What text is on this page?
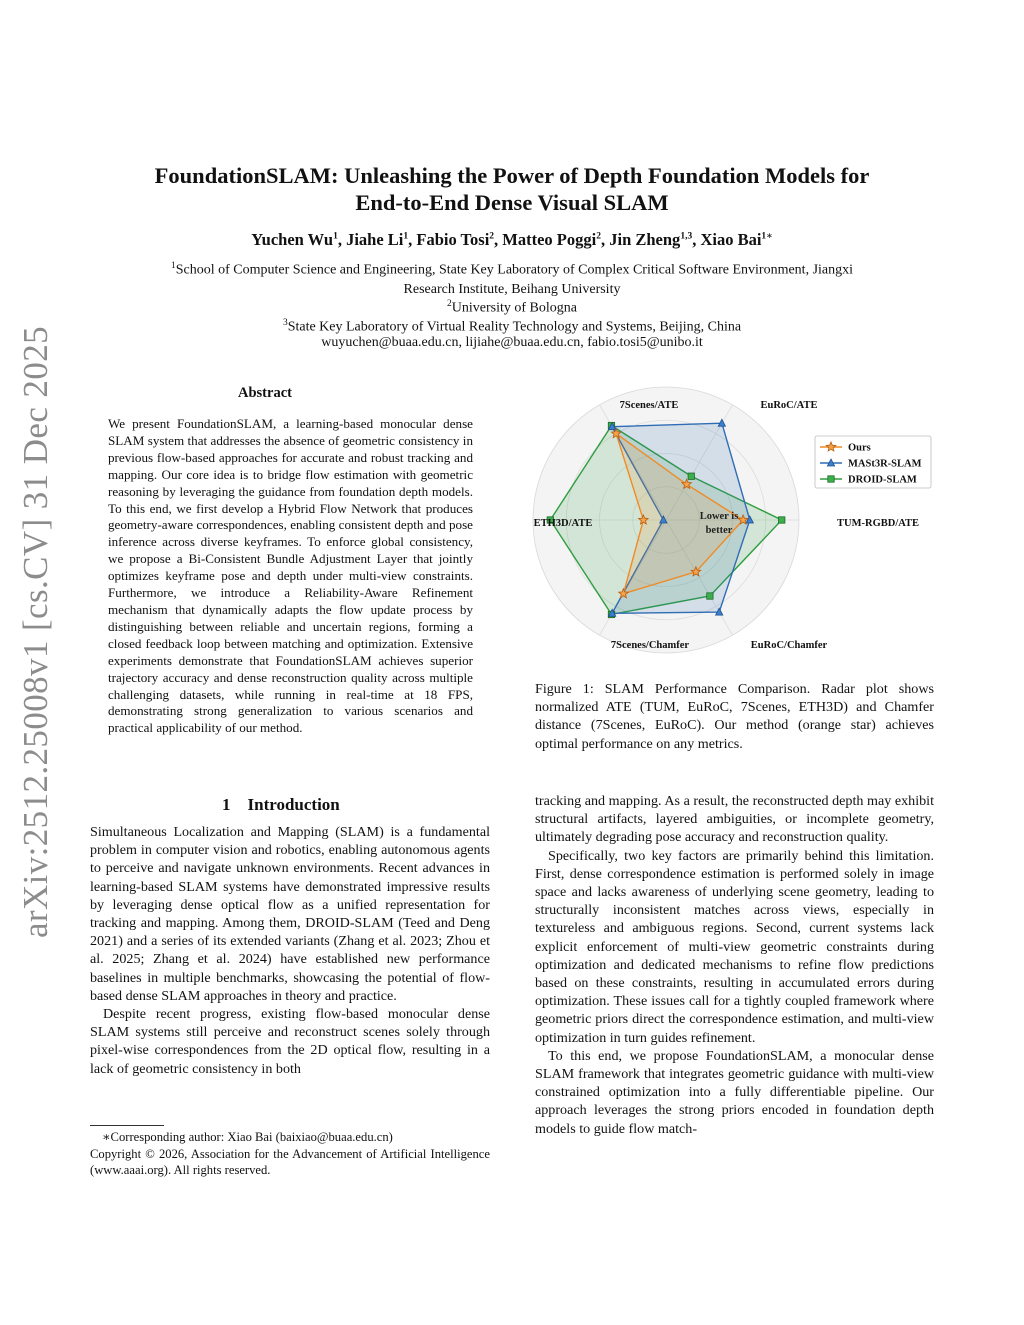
arXiv:2512.25008v1 [cs.CV] 31 Dec 2025
FoundationSLAM: Unleashing the Power of Depth Foundation Models for
End-to-End Dense Visual SLAM
Yuchen Wu$^1$, Jiahe Li$^1$, Fabio Tosi$^2$, Matteo Poggi$^2$, Jin Zheng$^{1,3}$, Xiao Bai$^{1∗}$
$^1$School of Computer Science and Engineering, State Key Laboratory of Complex Critical Software Environment, Jiangxi
Research Institute, Beihang University
$^2$University of Bologna
$^3$State Key Laboratory of Virtual Reality Technology and Systems, Beijing, China
wuyuchen@buaa.edu.cn, lijiahe@buaa.edu.cn, fabio.tosi5@unibo.it
Abstract

We present FoundationSLAM, a learning-based monocular dense SLAM system that addresses the absence of geometric consistency in previous flow-based approaches for accurate and robust tracking and mapping. Our core idea is to bridge flow estimation with geometric reasoning by leveraging the guidance from foundation depth models. To this end, we first develop a Hybrid Flow Network that produces geometry-aware correspondences, enabling consistent depth and pose inference across diverse keyframes. To enforce global consistency, we propose a Bi-Consistent Bundle Adjustment Layer that jointly optimizes keyframe pose and depth under multi-view constraints. Furthermore, we introduce a Reliability-Aware Refinement mechanism that dynamically adapts the flow update process by distinguishing between reliable and uncertain regions, forming a closed feedback loop between matching and optimization. Extensive experiments demonstrate that FoundationSLAM achieves superior trajectory accuracy and dense reconstruction quality across multiple challenging datasets, while running in real-time at 18 FPS, demonstrating strong generalization to various scenarios and practical applicability of our method.

1    Introduction

Simultaneous Localization and Mapping (SLAM) is a fundamental problem in computer vision and robotics, enabling autonomous agents to perceive and navigate unknown environments. Recent advances in learning-based SLAM systems have demonstrated impressive results by leveraging dense optical flow as a unified representation for tracking and mapping. Among them, DROID-SLAM (Teed and Deng 2021) and a series of its extended variants (Zhang et al. 2023; Zhou et al. 2025; Zhang et al. 2024) have established new performance baselines in multiple benchmarks, showcasing the potential of flow-based dense SLAM approaches in theory and practice.

Despite recent progress, existing flow-based monocular dense SLAM systems still perceive and reconstruct scenes solely through pixel-wise correspondences from the 2D optical flow, resulting in a lack of geometric consistency in both

∗Corresponding author: Xiao Bai (baixiao@buaa.edu.cn)
Copyright © 2026, Association for the Advancement of Artificial Intelligence (www.aaai.org). All rights reserved.

tracking and mapping. As a result, the reconstructed depth may exhibit structural artifacts, layered ambiguities, or incomplete geometry, ultimately degrading pose accuracy and reconstruction quality.

Specifically, two key factors are primarily behind this limitation. First, dense correspondence estimation is performed solely in image space and lacks awareness of underlying scene geometry, leading to structurally inconsistent matches across views, especially in textureless and ambiguous regions. Second, current systems lack explicit enforcement of multi-view geometric constraints during optimization and dedicated mechanisms to refine flow predictions based on these constraints, resulting in accumulated errors during optimization. These issues call for a tightly coupled framework where geometric priors direct the correspondence estimation, and multi-view optimization in turn guides refinement.

To this end, we propose FoundationSLAM, a monocular dense SLAM framework that integrates geometric guidance with multi-view constrained optimization into a fully differentiable pipeline. Our approach leverages the strong priors encoded in foundation depth models to guide flow match-

7Scenes/ATE	EuRoC/ATE
TUM-RGBD/ATE
EuRoC/Chamfer
7Scenes/Chamfer
ETH3D/ATE
Lower is
better
Ours
MASt3R-SLAM
DROID-SLAM
Figure 1: SLAM Performance Comparison. Radar plot shows normalized ATE (TUM, EuRoC, 7Scenes, ETH3D) and Chamfer distance (7Scenes, EuRoC). Our method (orange star) achieves optimal performance on any metrics.
